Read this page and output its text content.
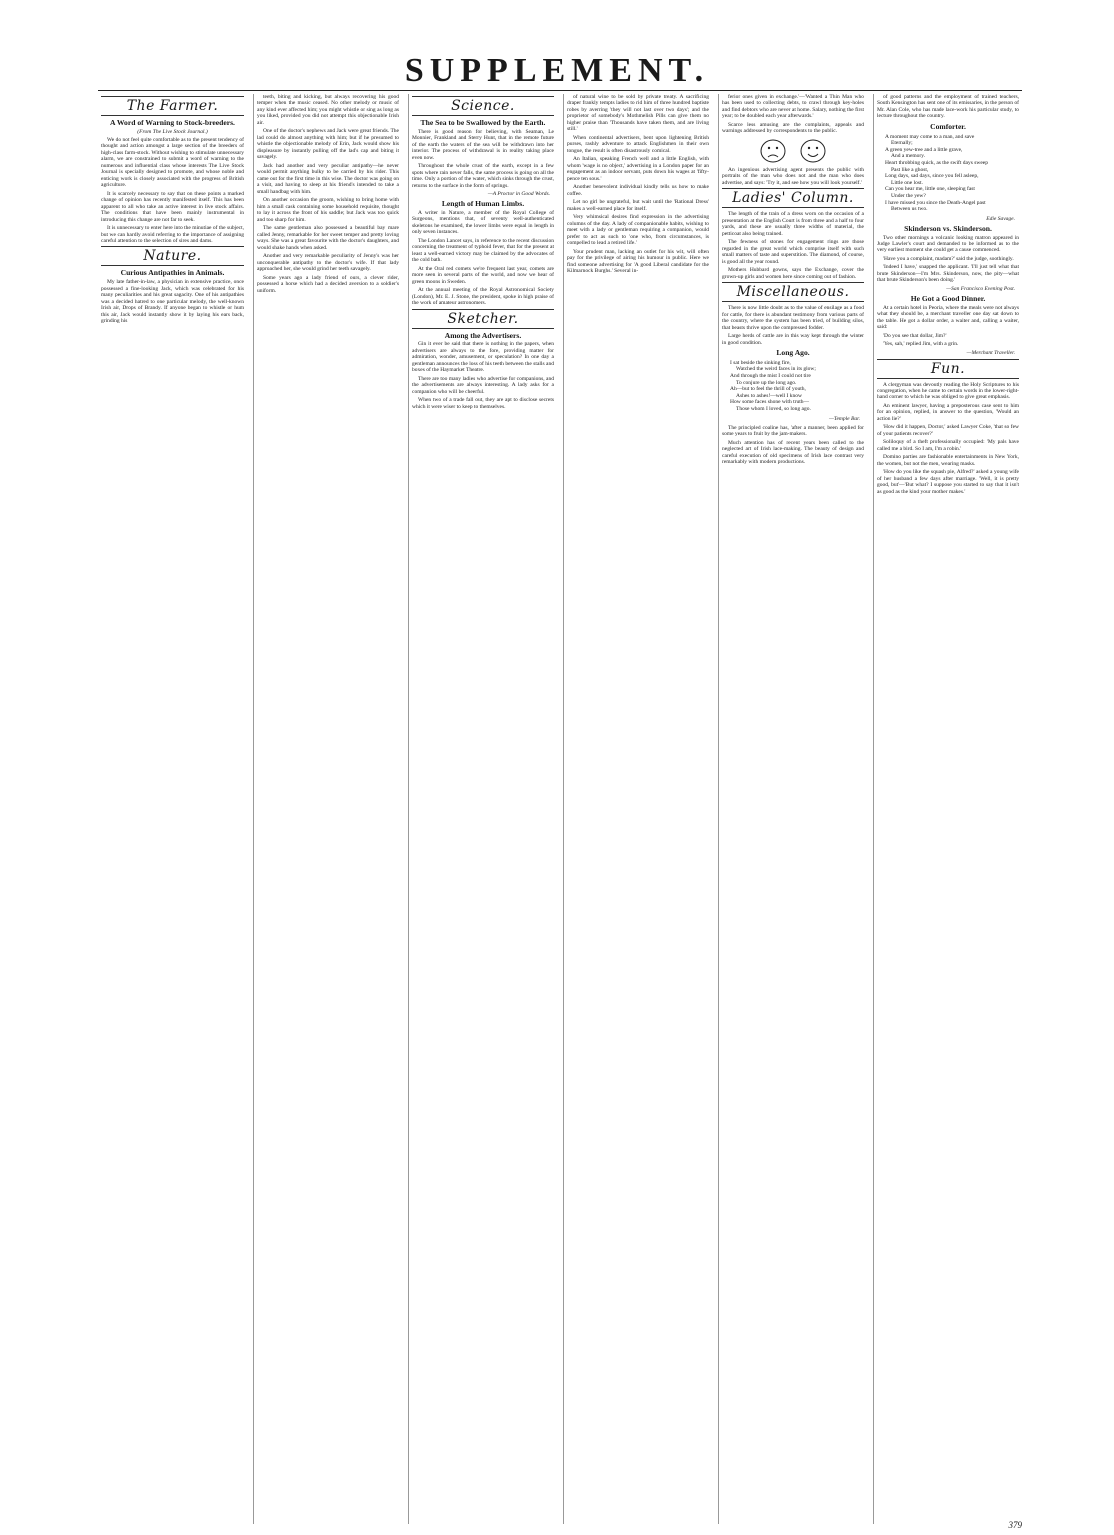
SUPPLEMENT.
The Farmer.
A Word of Warning to Stock-breeders.
(From The Live Stock Journal.)

We do not feel quite comfortable as to the present tendency of thought and action amongst a large section of the breeders of high-class farm-stock. Without wishing to stimulate unnecessary alarm, we are constrained to submit a word of warning to the numerous and influential class whose interests The Live Stock Journal is specially designed to promote, and whose noble and enticing work is closely associated with the progress of British agriculture.

It is scarcely necessary to say that on these points a marked change of opinion has recently manifested itself. This has been apparent to all who take an active interest in live stock affairs. The conditions that have been mainly instrumental in introducing this change are not far to seek.

It is unnecessary to enter here into the minutiae of the subject, but we can hardly avoid referring to the importance of assigning careful attention to the selection of sires and dams.

Nature.
Curious Antipathies in Animals.

My late father-in-law, a physician in extensive practice, once possessed a fine-looking Jack, which was celebrated for his many peculiarities and his great sagacity. One of his antipathies was a decided hatred to one particular melody, the well-known Irish air, Drops of Brandy. If anyone began to whistle or hum this air, Jack would instantly show it by laying his ears back, grinding his

teeth, biting and kicking, but always recovering his good temper when the music ceased. No other melody or music of any kind ever affected him; you might whistle or sing as long as you liked, provided you did not attempt this objectionable Irish air.

One of the doctor's nephews and Jack were great friends. The lad could do almost anything with him; but if he presumed to whistle the objectionable melody of Erin, Jack would show his displeasure by instantly pulling off the lad's cap and biting it savagely.

Jack had another and very peculiar antipathy—he never would permit anything bulky to be carried by his rider. This came out for the first time in this wise. The doctor was going on a visit, and having to sleep at his friend's intended to take a small handbag with him.

On another occasion the groom, wishing to bring home with him a small cask containing some household requisite, thought to lay it across the front of his saddle; but Jack was too quick and too sharp for him.

The same gentleman also possessed a beautiful bay mare called Jenny, remarkable for her sweet temper and pretty loving ways. She was a great favourite with the doctor's daughters, and would shake hands when asked.

Another and very remarkable peculiarity of Jenny's was her unconquerable antipathy to the doctor's wife. If that lady approached her, she would grind her teeth savagely.

Some years ago a lady friend of ours, a clever rider, possessed a horse which had a decided aversion to a soldier's uniform.

Science.
The Sea to be Swallowed by the Earth.

There is good reason for believing, with Seaman, Le Monnier, Frankland and Sterry Hunt, that in the remote future of the earth the waters of the sea will be withdrawn into her interior. The process of withdrawal is in reality taking place even now.

Throughout the whole crust of the earth, except in a few spots where rain never falls, the same process is going on all the time. Only a portion of the water, which sinks through the crust, returns to the surface in the form of springs.

—A Proctor in Good Words.
Length of Human Limbs.

A writer in Nature, a member of the Royal College of Surgeons, mentions that, of seventy well-authenticated skeletons he examined, the lower limbs were equal in length in only seven instances.

The London Lancet says, in reference to the recent discussion concerning the treatment of typhoid fever, that for the present at least a well-earned victory may be claimed by the advocates of the cold bath.

At the Oral red comets we're frequent last year, comets are more seen in several parts of the world, and now we hear of green moons in Sweden.

At the annual meeting of the Royal Astronomical Society (London), Mr. E. J. Stone, the president, spoke in high praise of the work of amateur astronomers.

Sketcher.
Among the Advertisers.

Gin it ever be said that there is nothing in the papers, when advertisers are always to the fore, providing matter for admiration, wonder, amusement, or speculation? In one day a gentleman announces the loss of his teeth between the stalls and boxes of the Haymarket Theatre.

There are too many ladies who advertise for companions, and the advertisements are always interesting. A lady asks for a companion who will be cheerful.

When two of a trade fall out, they are apt to disclose secrets which it were wiser to keep to themselves.

of natural wine to be sold by private treaty. A sacrificing draper frankly tempts ladies to rid him of three hundred baptiste robes by averring 'they will not last over two days'; and the proprietor of somebody's Mothmelish Pills can give them no higher praise than 'Thousands have taken them, and are living still.'

When continental advertisers, bent upon lightening British purses, rashly adventure to attack Englishmen in their own tongue, the result is often disastrously comical.

An Italian, speaking French well and a little English, with whom 'wage is no object,' advertising in a London paper for an engagement as an indoor servant, puts down his wages at 'fifty-pence ten sous.'

Another benevolent individual kindly tells us how to make coffee.

Let no girl be ungrateful, but wait until the 'Rational Dress' makes a well-earned place for itself.

Very whimsical desires find expression in the advertising columns of the day. A lady of companionable habits, wishing to meet with a lady or gentleman requiring a companion, would prefer to act as such to 'one who, from circumstances, is compelled to lead a retired life.'

Your prudent man, lacking an outlet for his wit, will often pay for the privilege of airing his humour in public. Here we find someone advertising for 'A good Liberal candidate for the Kilmarnock Burghs.' Several in-

ferior ones given in exchange.'—'Wanted a Thin Man who has been used to collecting debts, to crawl through key-holes and find debtors who are never at home. Salary, nothing the first year; to be doubled each year afterwards.'

Scarce less amusing are the complaints, appeals and warnings addressed by correspondents to the public.

An ingenious advertising agent presents the public with portraits of the man who does not and the man who does advertise, and says: 'Try it, and see how you will look yourself.'

Ladies' Column.

The length of the train of a dress worn on the occasion of a presentation at the English Court is from three and a half to four yards, and these are usually three widths of material, the petticoat also being trained.

The fewness of stones for engagement rings are those regarded in the great world which comprise itself with such small matters of taste and superstition. The diamond, of course, is good all the year round.

Mothers Hubbard gowns, says the Exchange, cover the grown-up girls and women here since coming out of fashion.

Miscellaneous.

There is now little doubt as to the value of ensilage as a food for cattle, for there is abundant testimony from various parts of the country, where the system has been tried, of building silos, that beasts thrive upon the compressed fodder.

Large herds of cattle are in this way kept through the winter in good condition.

Long Ago.
I sat beside the sinking fire,
Watched the weird faces in its glow;
And through the mist I could not tire
To conjure up the long ago.
Ah—but to feel the thrill of youth,
Ashes to ashes!—well I know
How some faces shone with truth—
Those whom I loved, so long ago.
—Temple Bar.

The principled coaline has, 'after a manner, been applied for some years to fruit by the jam-makers.

Much attention has of recent years been called to the neglected art of Irish lace-making. The beauty of design and careful execution of old specimens of Irish lace contrast very remarkably with modern productions.

of good patterns and the employment of trained teachers, South Kensington has sent one of its emissaries, in the person of Mr. Alan Cole, who has made lace-work his particular study, to lecture throughout the country.

Comforter.
A moment may come to a man, and save
Eternally;
A green yew-tree and a little grave,
And a memory.
Heart throbbing quick, as the swift days sweep
Past like a ghost,
Long days, sad days, since you fell asleep,
Little one lost.
Can you hear me, little one, sleeping fast
Under the yew?
I have missed you since the Death-Angel past
Between us two.
Edie Savage.
Skinderson vs. Skinderson.

Two other mornings a volcanic looking matron appeared in Judge Lawler's court and demanded to be informed as to the very earliest moment she could get a cause commenced.

'Have you a complaint, madam?' said the judge, soothingly.

'Indeed I have,' snapped the applicant. 'I'll just tell what that brute Skinderson—I'm Mrs. Skinderson, now, the pity—what that brute Skinderson's been doing.'

—San Francisco Evening Post.
He Got a Good Dinner.

At a certain hotel in Peoria, where the meals were not always what they should be, a merchant traveller one day sat down to the table. He got a dollar order, a waiter and, calling a waiter, said:

'Do you see that dollar, Jim?'

'Yes, sah,' replied Jim, with a grin.

—Merchant Traveller.
Fun.

A clergyman was devoutly reading the Holy Scriptures to his congregation, when he came to certain words in the lower-right-hand corner to which he was obliged to give great emphasis.

An eminent lawyer, having a preposterous case sent to him for an opinion, replied, in answer to the question, 'Would an action lie?'

'How did it happen, Doctor,' asked Lawyer Coke, 'that so few of your patients recover?'

Soliloquy of a theft professionally occupied: 'My pals have called me a bird. So I am, I'm a robin.'

Domino parties are fashionable entertainments in New York, the women, but not the men, wearing masks.

'How do you like the squash pie, Alfred?' asked a young wife of her husband a few days after marriage. 'Well, it is pretty good, but'—'But what? I suppose you started to say that it isn't as good as the kind your mother makes.'

379
